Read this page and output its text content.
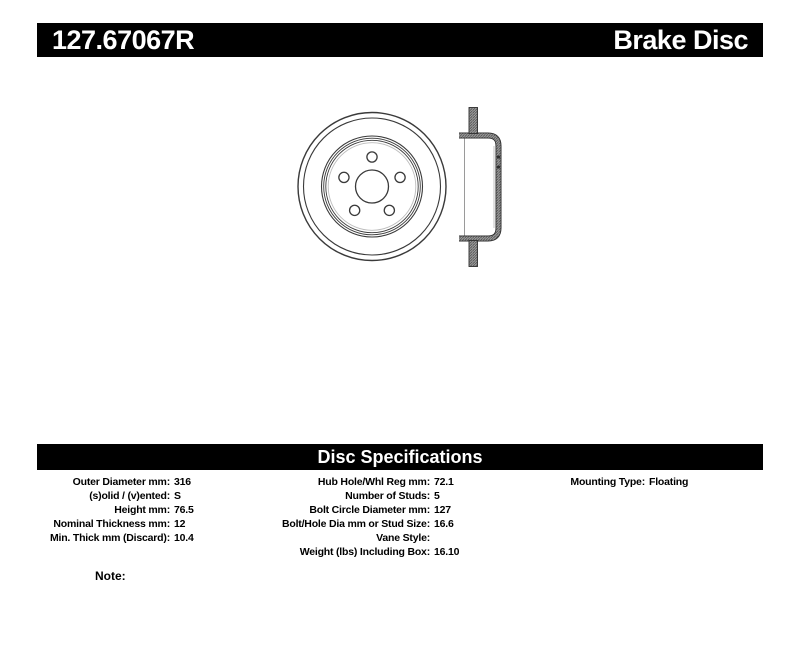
127.67067R	Brake Disc
Disc Specifications
Outer Diameter mm: 316
(s)olid / (v)ented: S
Height mm: 76.5
Nominal Thickness mm: 12
Min. Thick mm (Discard): 10.4
Hub Hole/Whl Reg mm: 72.1
Number of Studs: 5
Bolt Circle Diameter mm: 127
Bolt/Hole Dia mm or Stud Size: 16.6
Vane Style:
Weight (lbs) Including Box: 16.10
Mounting Type: Floating
Note:
